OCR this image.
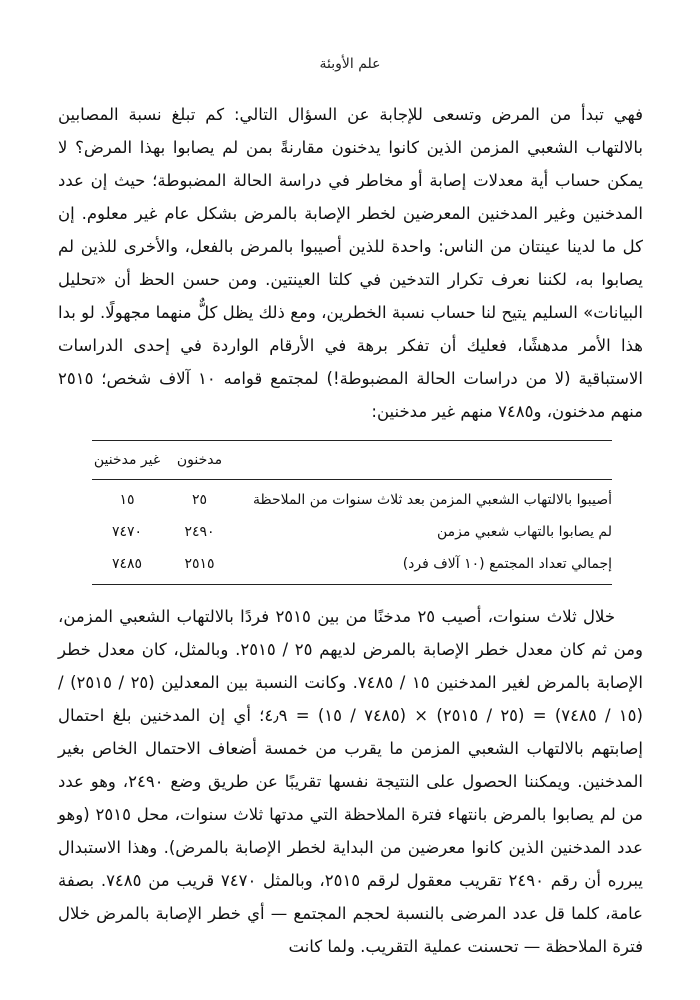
علم الأوبئة

فهي تبدأ من المرض وتسعى للإجابة عن السؤال التالي: كم تبلغ نسبة المصابين بالالتهاب الشعبي المزمن الذين كانوا يدخنون مقارنةً بمن لم يصابوا بهذا المرض؟ لا يمكن حساب أية معدلات إصابة أو مخاطر في دراسة الحالة المضبوطة؛ حيث إن عدد المدخنين وغير المدخنين المعرضين لخطر الإصابة بالمرض بشكل عام غير معلوم. إن كل ما لدينا عينتان من الناس: واحدة للذين أصيبوا بالمرض بالفعل، والأخرى للذين لم يصابوا به، لكننا نعرف تكرار التدخين في كلتا العينتين. ومن حسن الحظ أن «تحليل البيانات» السليم يتيح لنا حساب نسبة الخطرين، ومع ذلك يظل كلٌّ منهما مجهولًا. لو بدا هذا الأمر مدهشًا، فعليك أن تفكر برهة في الأرقام الواردة في إحدى الدراسات الاستباقية (لا من دراسات الحالة المضبوطة!) لمجتمع قوامه ١٠ آلاف شخص؛ ٢٥١٥ منهم مدخنون، و٧٤٨٥ منهم غير مدخنين:

مدخنون
غير مدخنين
أصيبوا بالالتهاب الشعبي المزمن بعد ثلاث سنوات من الملاحظة
٢٥
١٥
لم يصابوا بالتهاب شعبي مزمن
٢٤٩٠
٧٤٧٠
إجمالي تعداد المجتمع (١٠ آلاف فرد)
٢٥١٥
٧٤٨٥

خلال ثلاث سنوات، أصيب ٢٥ مدخنًا من بين ٢٥١٥ فردًا بالالتهاب الشعبي المزمن، ومن ثم كان معدل خطر الإصابة بالمرض لديهم ٢٥ / ٢٥١٥. وبالمثل، كان معدل خطر الإصابة بالمرض لغير المدخنين ١٥ / ٧٤٨٥. وكانت النسبة بين المعدلين (٢٥ / ٢٥١٥) / (١٥ / ٧٤٨٥) = (٢٥ / ٢٥١٥) × (٧٤٨٥ / ١٥) = ٤٫٩؛ أي إن المدخنين بلغ احتمال إصابتهم بالالتهاب الشعبي المزمن ما يقرب من خمسة أضعاف الاحتمال الخاص بغير المدخنين. ويمكننا الحصول على النتيجة نفسها تقريبًا عن طريق وضع ٢٤٩٠، وهو عدد من لم يصابوا بالمرض بانتهاء فترة الملاحظة التي مدتها ثلاث سنوات، محل ٢٥١٥ (وهو عدد المدخنين الذين كانوا معرضين من البداية لخطر الإصابة بالمرض). وهذا الاستبدال يبرره أن رقم ٢٤٩٠ تقريب معقول لرقم ٢٥١٥، وبالمثل ٧٤٧٠ قريب من ٧٤٨٥. بصفة عامة، كلما قل عدد المرضى بالنسبة لحجم المجتمع — أي خطر الإصابة بالمرض خلال فترة الملاحظة — تحسنت عملية التقريب. ولما كانت
